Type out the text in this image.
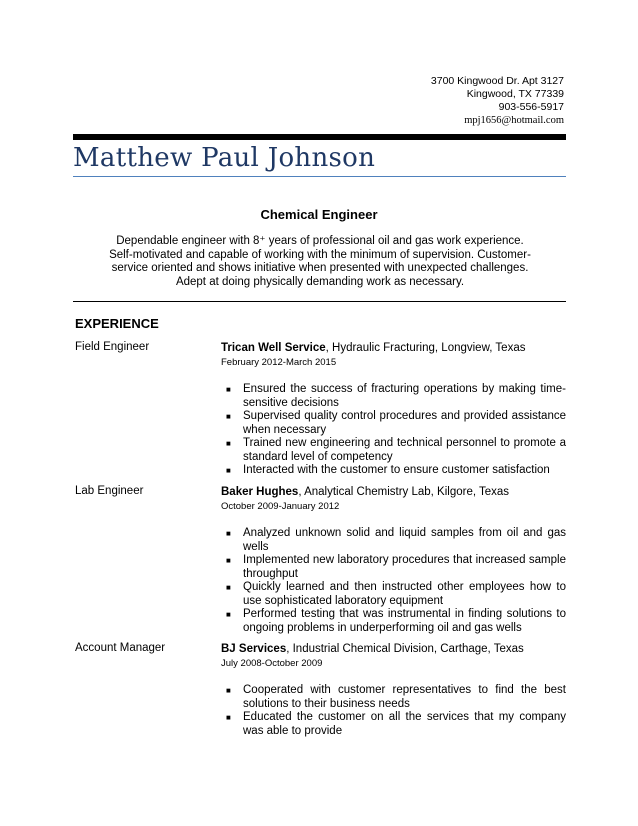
3700 Kingwood Dr. Apt 3127
Kingwood, TX 77339
903-556-5917
mpj1656@hotmail.com
Matthew Paul Johnson
Chemical Engineer
Dependable engineer with 8⁺ years of professional oil and gas work experience.
Self-motivated and capable of working with the minimum of supervision. Customer-
service oriented and shows initiative when presented with unexpected challenges.
Adept at doing physically demanding work as necessary.
EXPERIENCE
Field Engineer	Trican Well Service, Hydraulic Fracturing, Longview, Texas
February 2012-March 2015
■ Ensured the success of fracturing operations by making time-sensitive decisions
■ Supervised quality control procedures and provided assistance when necessary
■ Trained new engineering and technical personnel to promote a standard level of competency
■ Interacted with the customer to ensure customer satisfaction
Lab Engineer	Baker Hughes, Analytical Chemistry Lab, Kilgore, Texas
October 2009-January 2012
■ Analyzed unknown solid and liquid samples from oil and gas wells
■ Implemented new laboratory procedures that increased sample throughput
■ Quickly learned and then instructed other employees how to use sophisticated laboratory equipment
■ Performed testing that was instrumental in finding solutions to ongoing problems in underperforming oil and gas wells
Account Manager	BJ Services, Industrial Chemical Division, Carthage, Texas
July 2008-October 2009
■ Cooperated with customer representatives to find the best solutions to their business needs
■ Educated the customer on all the services that my company was able to provide
